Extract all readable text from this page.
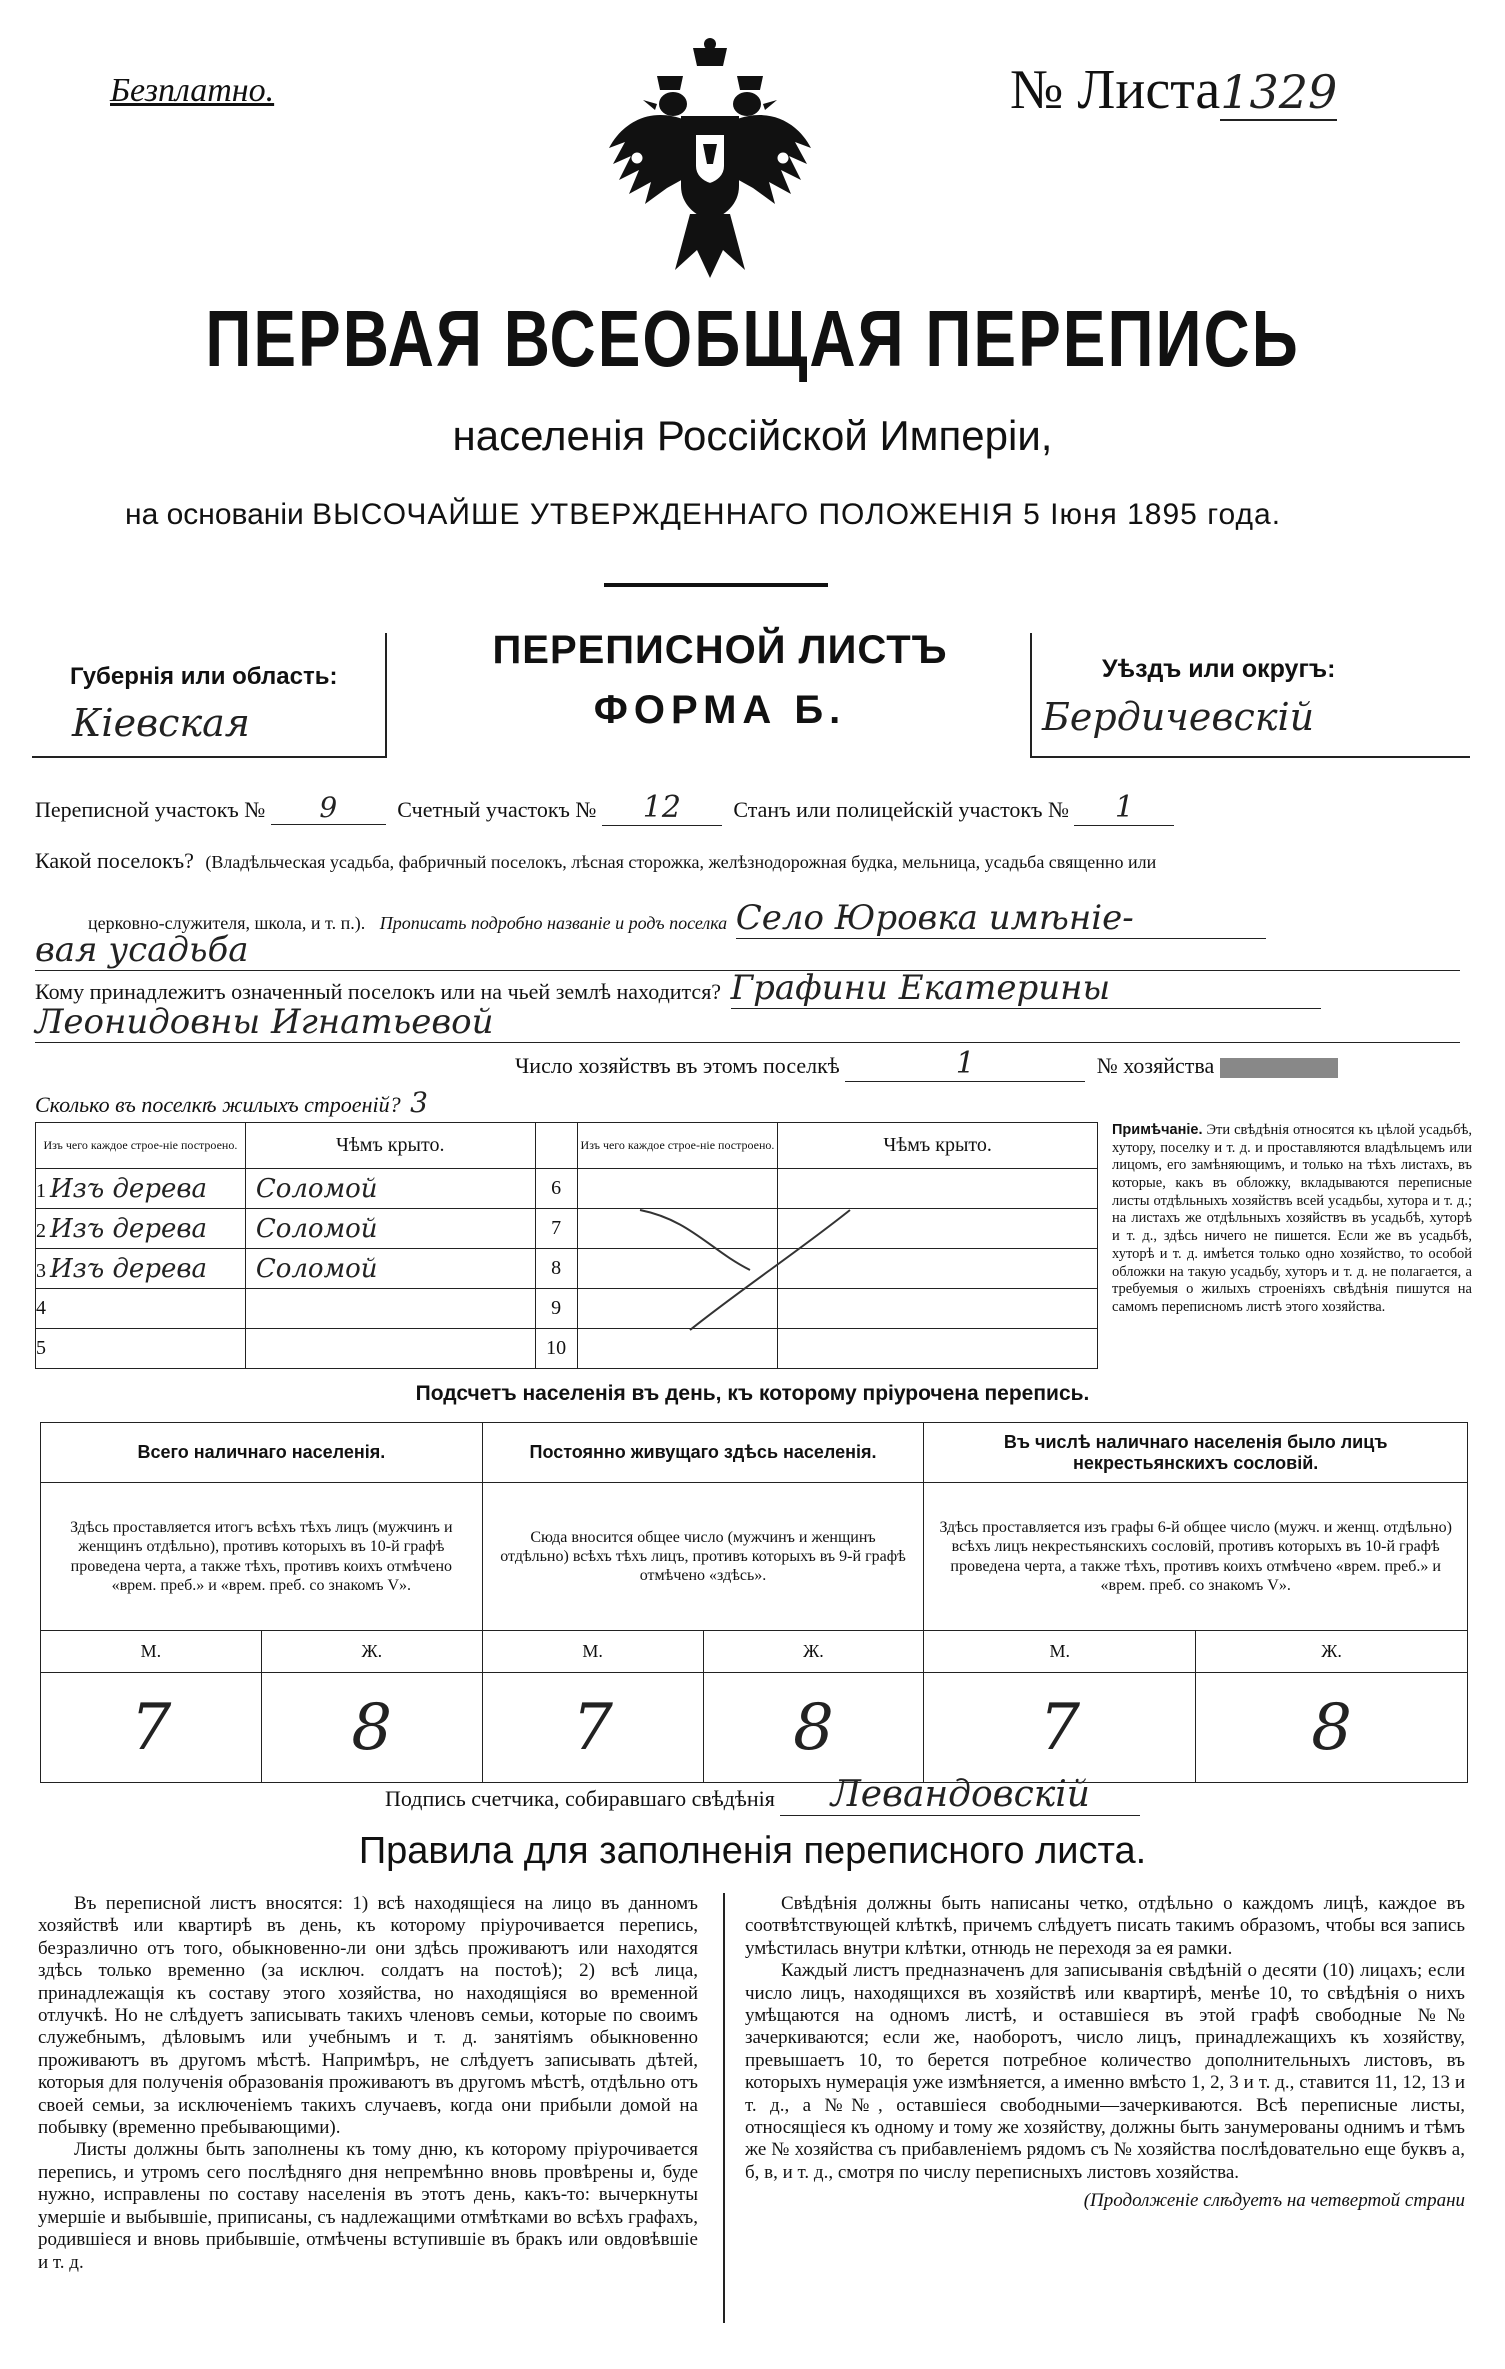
Безплатно.	№ Листа1329
ПЕРВАЯ ВСЕОБЩАЯ ПЕРЕПИСЬ
населенія Россійской Имперіи,
на основаніи ВЫСОЧАЙШЕ УТВЕРЖДЕННАГО ПОЛОЖЕНІЯ 5 Іюня 1895 года.
Губернія или область:
Кіевская
ПЕРЕПИСНОЙ ЛИСТЪ
ФОРМА Б.
Уѣздъ или округъ:
Бердичевскій
Переписной участокъ № 9	Счетный участокъ № 12 Станъ или полицейскій участокъ № 1
Какой поселокъ? (Владѣльческая усадьба, фабричный поселокъ, лѣсная сторожка, желѣзнодорожная будка, мельница, усадьба священно или
церковно-служителя, школа, и т. п.). Прописать подробно названіе и родъ поселка Село Юровка имѣніе-
вая усадьба
Кому принадлежитъ означенный поселокъ или на чьей землѣ находится? Графини Екатерины
Леонидовны Игнатьевой
Число хозяйствъ въ этомъ поселкѣ	1	№ хозяйства
Сколько въ поселкѣ жилыхъ строеній? 3
Изъ чего каждое строе-ніе построено.	Чѣмъ крыто.		Изъ чего каждое строе-ніе построено.	Чѣмъ крыто.
1 Изъ дерева	Соломой	6		
2 Изъ дерева	Соломой	7		
3 Изъ дерева	Соломой	8		
4		9		
5		10		
Примѣчаніе. Эти свѣдѣнія относятся къ цѣлой усадьбѣ, хутору, поселку и т. д. и проставляются владѣльцемъ или лицомъ, его замѣняющимъ, и только на тѣхъ листахъ, въ которые, какъ въ обложку, вкладываются переписные листы отдѣльныхъ хозяйствъ всей усадьбы, хутора и т. д.; на листахъ же отдѣльныхъ хозяйствъ въ усадьбѣ, хуторѣ и т. д., здѣсь ничего не пишется. Если же въ усадьбѣ, хуторѣ и т. д. имѣется только одно хозяйство, то особой обложки на такую усадьбу, хуторъ и т. д. не полагается, а требуемыя о жилыхъ строеніяхъ свѣдѣнія пишутся на самомъ переписномъ листѣ этого хозяйства.
Подсчетъ населенія въ день, къ которому пріурочена перепись.
Всего наличнаго населенія.		Постоянно живущаго здѣсь населенія.		Въ числѣ наличнаго населенія было лицъ некрестьянскихъ сословій.	
Здѣсь проставляется итогъ всѣхъ тѣхъ лицъ (мужчинъ и женщинъ отдѣльно), противъ которыхъ въ 10-й графѣ проведена черта, а также тѣхъ, противъ коихъ отмѣчено «врем. преб.» и «врем. преб. со знакомъ V».		Сюда вносится общее число (мужчинъ и женщинъ отдѣльно) всѣхъ тѣхъ лицъ, противъ которыхъ въ 9-й графѣ отмѣчено «здѣсь».		Здѣсь проставляется изъ графы 6-й общее число (мужч. и женщ. отдѣльно) всѣхъ лицъ некрестьянскихъ сословій, противъ которыхъ въ 10-й графѣ проведена черта, а также тѣхъ, противъ коихъ отмѣчено «врем. преб.» и «врем. преб. со знакомъ V».	
М.	Ж.	М.	Ж.	М.	Ж.
7	8	7	8	7	8
Подпись счетчика, собиравшаго свѣдѣнія Левандовскій
Правила для заполненія переписного листа.

Въ переписной листъ вносятся: 1) всѣ находящіеся на лицо въ данномъ хозяйствѣ или квартирѣ въ день, къ которому пріурочивается перепись, безразлично отъ того, обыкновенно-ли они здѣсь проживаютъ или находятся здѣсь только временно (за исключ. солдатъ на постоѣ); 2) всѣ лица, принадлежащія къ составу этого хозяйства, но находящіяся во временной отлучкѣ. Но не слѣдуетъ записывать такихъ членовъ семьи, которые по своимъ служебнымъ, дѣловымъ или учебнымъ и т. д. занятіямъ обыкновенно проживаютъ въ другомъ мѣстѣ. Напримѣръ, не слѣдуетъ записывать дѣтей, которыя для полученія образованія проживаютъ въ другомъ мѣстѣ, отдѣльно отъ своей семьи, за исключеніемъ такихъ случаевъ, когда они прибыли домой на побывку (временно пребывающими).

Листы должны быть заполнены къ тому дню, къ которому пріурочивается перепись, и утромъ сего послѣдняго дня непремѣнно вновь провѣрены и, буде нужно, исправлены по составу населенія въ этотъ день, какъ-то: вычеркнуты умершіе и выбывшіе, приписаны, съ надлежащими отмѣтками во всѣхъ графахъ, родившіеся и вновь прибывшіе, отмѣчены вступившіе въ бракъ или овдовѣвшіе и т. д.

Свѣдѣнія должны быть написаны четко, отдѣльно о каждомъ лицѣ, каждое въ соотвѣтствующей клѣткѣ, причемъ слѣдуетъ писать такимъ образомъ, чтобы вся запись умѣстилась внутри клѣтки, отнюдь не переходя за ея рамки.

Каждый листъ предназначенъ для записыванія свѣдѣній о десяти (10) лицахъ; если число лицъ, находящихся въ хозяйствѣ или квартирѣ, менѣе 10, то свѣдѣнія о нихъ умѣщаются на одномъ листѣ, и оставшіеся въ этой графѣ свободные №№ зачеркиваются; если же, наоборотъ, число лицъ, принадлежащихъ къ хозяйству, превышаетъ 10, то берется потребное количество дополнительныхъ листовъ, въ которыхъ нумерація уже измѣняется, а именно вмѣсто 1, 2, 3 и т. д., ставится 11, 12, 13 и т. д., а №№, оставшіеся свободными—зачеркиваются. Всѣ переписные листы, относящіеся къ одному и тому же хозяйству, должны быть занумерованы однимъ и тѣмъ же № хозяйства съ прибавленіемъ рядомъ съ № хозяйства послѣдовательно еще буквъ а, б, в, и т. д., смотря по числу переписныхъ листовъ хозяйства.

(Продолженіе слѣдуетъ на четвертой страни
